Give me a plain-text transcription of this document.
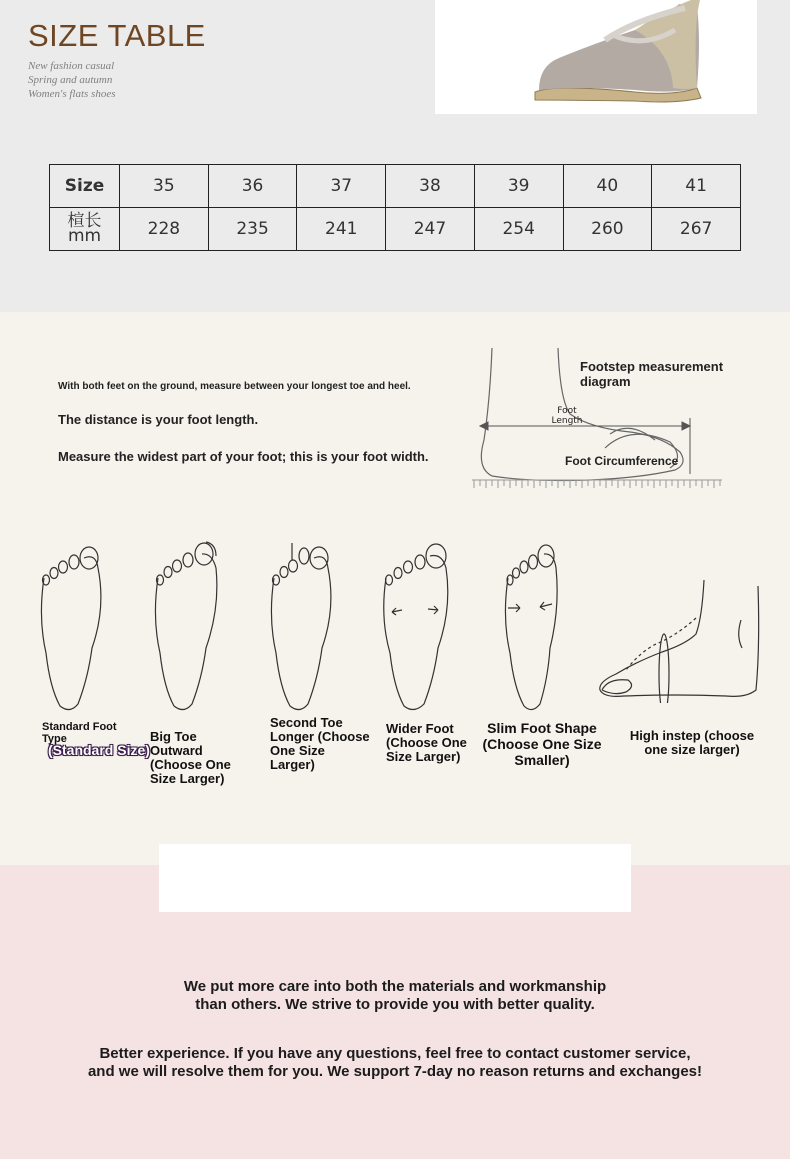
SIZE TABLE
New fashion casual
Spring and autumn
Women's flats shoes
Size	35	36	37	38	39	40	41

楦长
mm	228	235	241	247	254	260	267
With both feet on the ground, measure between your longest toe and heel.
The distance is your foot length.
Measure the widest part of your foot; this is your foot width.
Footstep measurement diagram
Foot
Length
Foot Circumference
Standard Foot Type
(Standard Size)
Big Toe Outward (Choose One Size Larger)
Second Toe Longer (Choose One Size Larger)
Wider Foot (Choose One Size Larger)
Slim Foot Shape (Choose One Size Smaller)
High instep (choose one size larger)
We put more care into both the materials and workmanship
than others. We strive to provide you with better quality.
Better experience. If you have any questions, feel free to contact customer service,
and we will resolve them for you. We support 7-day no reason returns and exchanges!
